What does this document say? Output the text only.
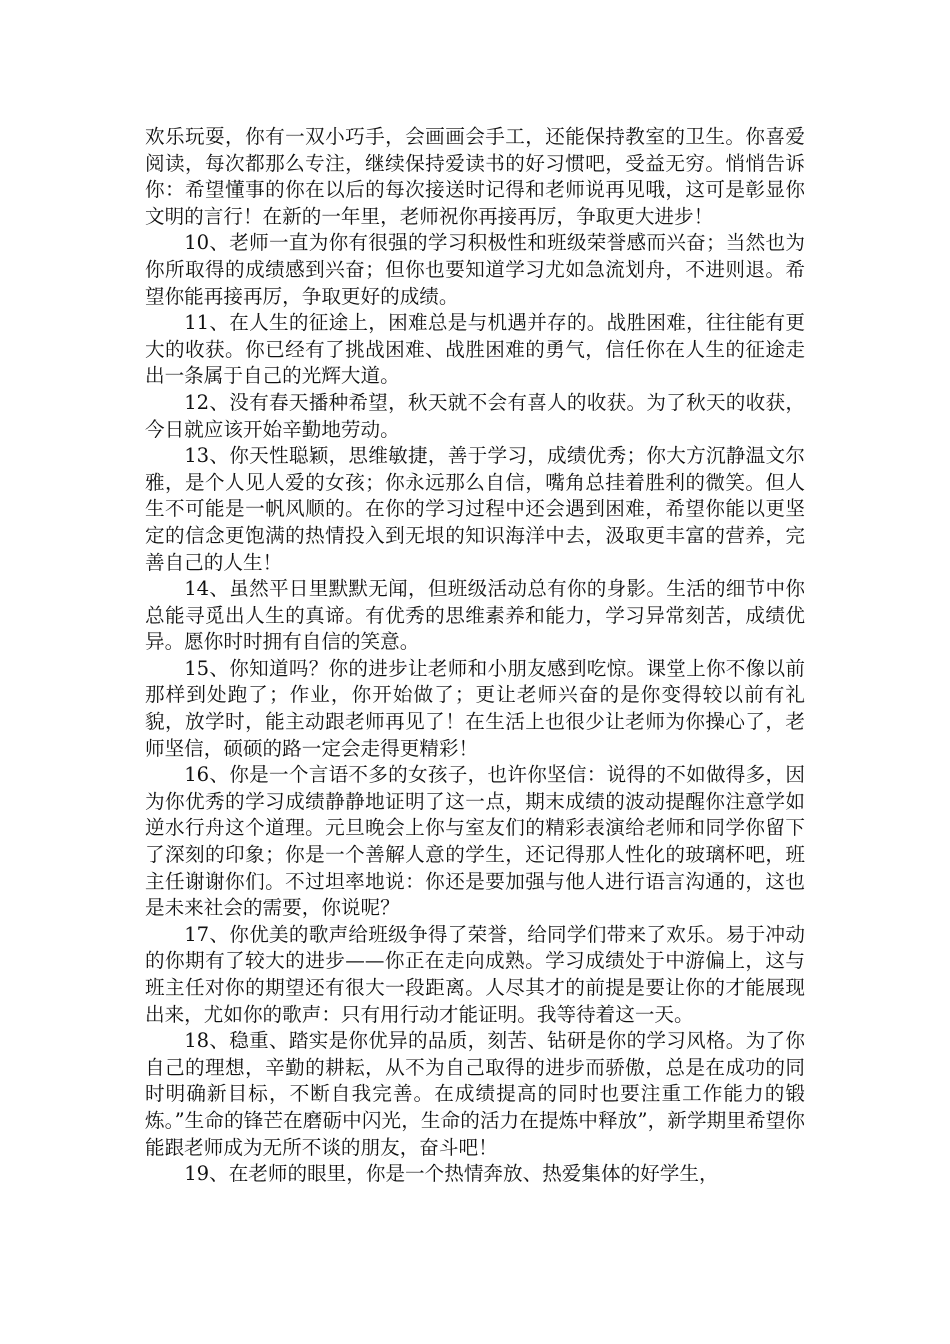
欢乐玩耍，你有一双小巧手，会画画会手工，还能保持教室的卫生。你喜爱阅读，每次都那么专注，继续保持爱读书的好习惯吧，受益无穷。悄悄告诉你：希望懂事的你在以后的每次接送时记得和老师说再见哦，这可是彰显你文明的言行！在新的一年里，老师祝你再接再厉，争取更大进步！

10、老师一直为你有很强的学习积极性和班级荣誉感而兴奋；当然也为你所取得的成绩感到兴奋；但你也要知道学习尤如急流划舟，不进则退。希望你能再接再厉，争取更好的成绩。

11、在人生的征途上，困难总是与机遇并存的。战胜困难，往往能有更大的收获。你已经有了挑战困难、战胜困难的勇气，信任你在人生的征途走出一条属于自己的光辉大道。

12、没有春天播种希望，秋天就不会有喜人的收获。为了秋天的收获，今日就应该开始辛勤地劳动。

13、你天性聪颖，思维敏捷，善于学习，成绩优秀；你大方沉静温文尔雅，是个人见人爱的女孩；你永远那么自信，嘴角总挂着胜利的微笑。但人生不可能是一帆风顺的。在你的学习过程中还会遇到困难，希望你能以更坚定的信念更饱满的热情投入到无垠的知识海洋中去，汲取更丰富的营养，完善自己的人生！

14、虽然平日里默默无闻，但班级活动总有你的身影。生活的细节中你总能寻觅出人生的真谛。有优秀的思维素养和能力，学习异常刻苦，成绩优异。愿你时时拥有自信的笑意。

15、你知道吗？你的进步让老师和小朋友感到吃惊。课堂上你不像以前那样到处跑了；作业，你开始做了；更让老师兴奋的是你变得较以前有礼貌，放学时，能主动跟老师再见了！在生活上也很少让老师为你操心了，老师坚信，硕硕的路一定会走得更精彩！

16、你是一个言语不多的女孩子，也许你坚信：说得的不如做得多，因为你优秀的学习成绩静静地证明了这一点，期末成绩的波动提醒你注意学如逆水行舟这个道理。元旦晚会上你与室友们的精彩表演给老师和同学你留下了深刻的印象；你是一个善解人意的学生，还记得那人性化的玻璃杯吧，班主任谢谢你们。不过坦率地说：你还是要加强与他人进行语言沟通的，这也是未来社会的需要，你说呢？

17、你优美的歌声给班级争得了荣誉，给同学们带来了欢乐。易于冲动的你期有了较大的进步——你正在走向成熟。学习成绩处于中游偏上，这与班主任对你的期望还有很大一段距离。人尽其才的前提是要让你的才能展现出来，尤如你的歌声：只有用行动才能证明。我等待着这一天。

18、稳重、踏实是你优异的品质，刻苦、钻研是你的学习风格。为了你自己的理想，辛勤的耕耘，从不为自己取得的进步而骄傲，总是在成功的同时明确新目标，不断自我完善。在成绩提高的同时也要注重工作能力的锻炼。”生命的锋芒在磨砺中闪光，生命的活力在提炼中释放”，新学期里希望你能跟老师成为无所不谈的朋友，奋斗吧！

19、在老师的眼里，你是一个热情奔放、热爱集体的好学生，
